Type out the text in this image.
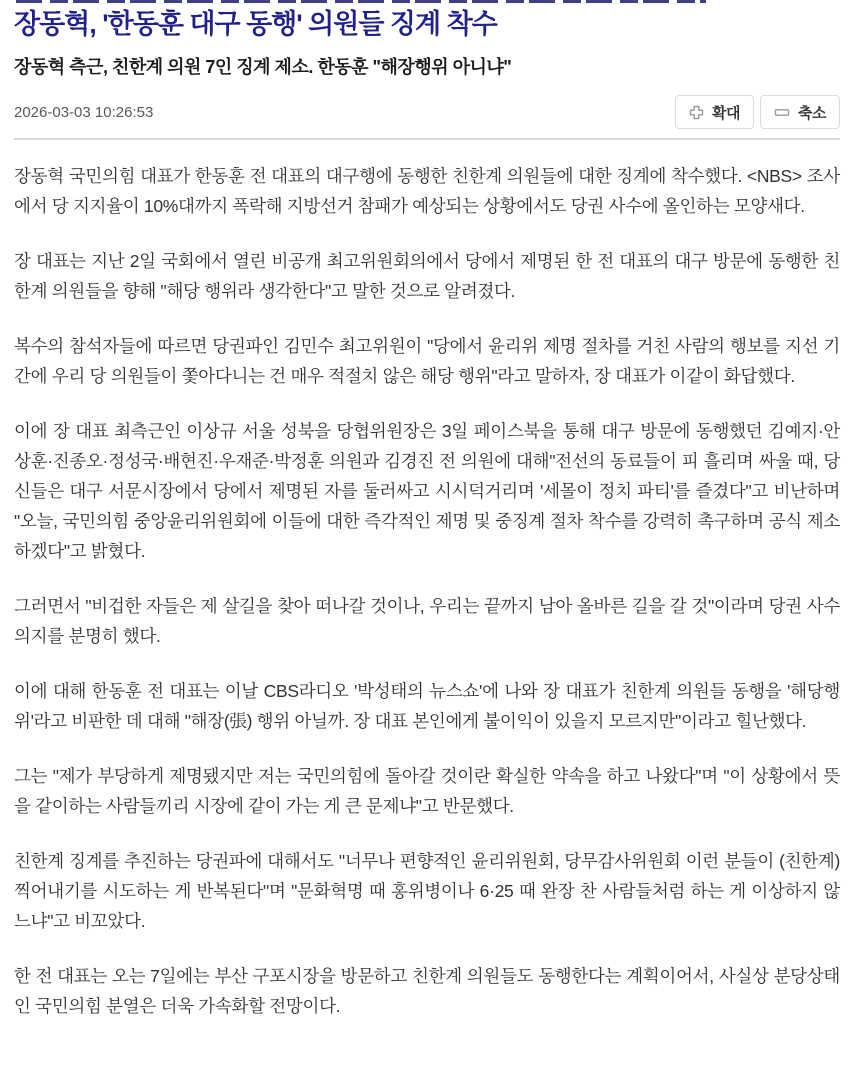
장동혁, '한동훈 대구 동행' 의원들 징계 착수
장동혁 측근, 친한계 의원 7인 징계 제소. 한동훈 "해장행위 아니냐"
2026-03-03 10:26:53	확대	축소

장동혁 국민의힘 대표가 한동훈 전 대표의 대구행에 동행한 친한계 의원들에 대한 징계에 착수했다. <NBS> 조사에서 당 지지율이 10%대까지 폭락해 지방선거 참패가 예상되는 상황에서도 당권 사수에 올인하는 모양새다.

장 대표는 지난 2일 국회에서 열린 비공개 최고위원회의에서 당에서 제명된 한 전 대표의 대구 방문에 동행한 친한계 의원들을 향해 "해당 행위라 생각한다"고 말한 것으로 알려졌다.

복수의 참석자들에 따르면 당권파인 김민수 최고위원이 "당에서 윤리위 제명 절차를 거친 사람의 행보를 지선 기간에 우리 당 의원들이 쫓아다니는 건 매우 적절치 않은 해당 행위"라고 말하자, 장 대표가 이같이 화답했다.

이에 장 대표 최측근인 이상규 서울 성북을 당협위원장은 3일 페이스북을 통해 대구 방문에 동행했던 김예지·안상훈·진종오·정성국·배현진·우재준·박정훈 의원과 김경진 전 의원에 대해"전선의 동료들이 피 흘리며 싸울 때, 당신들은 대구 서문시장에서 당에서 제명된 자를 둘러싸고 시시덕거리며 '세몰이 정치 파티'를 즐겼다"고 비난하며 "오늘, 국민의힘 중앙윤리위원회에 이들에 대한 즉각적인 제명 및 중징계 절차 착수를 강력히 촉구하며 공식 제소하겠다"고 밝혔다.

그러면서 "비겁한 자들은 제 살길을 찾아 떠나갈 것이나, 우리는 끝까지 남아 올바른 길을 갈 것"이라며 당권 사수 의지를 분명히 했다.

이에 대해 한동훈 전 대표는 이날 CBS라디오 '박성태의 뉴스쇼'에 나와 장 대표가 친한계 의원들 동행을 '해당행위'라고 비판한 데 대해 "해장(張) 행위 아닐까. 장 대표 본인에게 불이익이 있을지 모르지만"이라고 힐난했다.

그는 "제가 부당하게 제명됐지만 저는 국민의힘에 돌아갈 것이란 확실한 약속을 하고 나왔다"며 "이 상황에서 뜻을 같이하는 사람들끼리 시장에 같이 가는 게 큰 문제냐"고 반문했다.

친한계 징계를 추진하는 당권파에 대해서도 "너무나 편향적인 윤리위원회, 당무감사위원회 이런 분들이 (친한계) 찍어내기를 시도하는 게 반복된다"며 "문화혁명 때 홍위병이나 6·25 때 완장 찬 사람들처럼 하는 게 이상하지 않느냐"고 비꼬았다.

한 전 대표는 오는 7일에는 부산 구포시장을 방문하고 친한계 의원들도 동행한다는 계획이어서, 사실상 분당상태인 국민의힘 분열은 더욱 가속화할 전망이다.
